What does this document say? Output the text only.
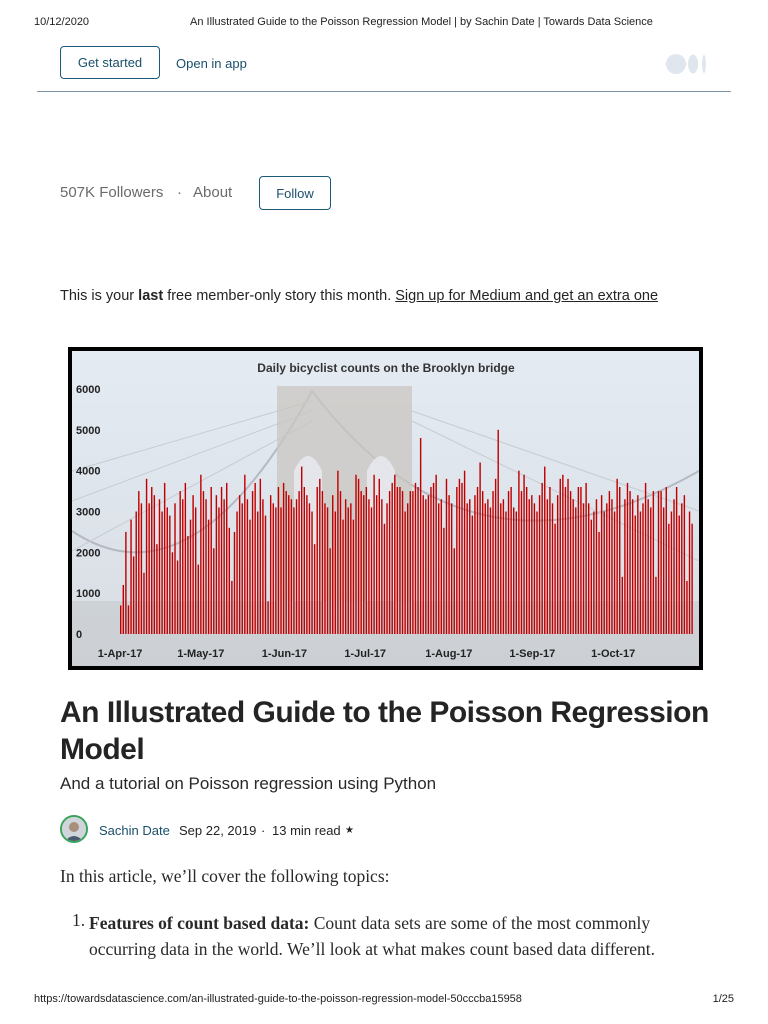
10/12/2020	An Illustrated Guide to the Poisson Regression Model | by Sachin Date | Towards Data Science
Get started	Open in app
507K Followers · About	Follow
This is your last free member-only story this month. Sign up for Medium and get an extra one
Daily bicyclist counts on the Brooklyn bridge
0
1000
2000
3000
4000
5000
6000
1-Apr-17	1-May-17	1-Jun-17	1-Jul-17	1-Aug-17	1-Sep-17	1-Oct-17
An Illustrated Guide to the Poisson Regression Model
And a tutorial on Poisson regression using Python
Sachin Date Sep 22, 2019 · 13 min read ★
In this article, we’ll cover the following topics:
1. Features of count based data: Count data sets are some of the most commonly occurring data in the world. We’ll look at what makes count based data different.
https://towardsdatascience.com/an-illustrated-guide-to-the-poisson-regression-model-50cccba15958	1/25
